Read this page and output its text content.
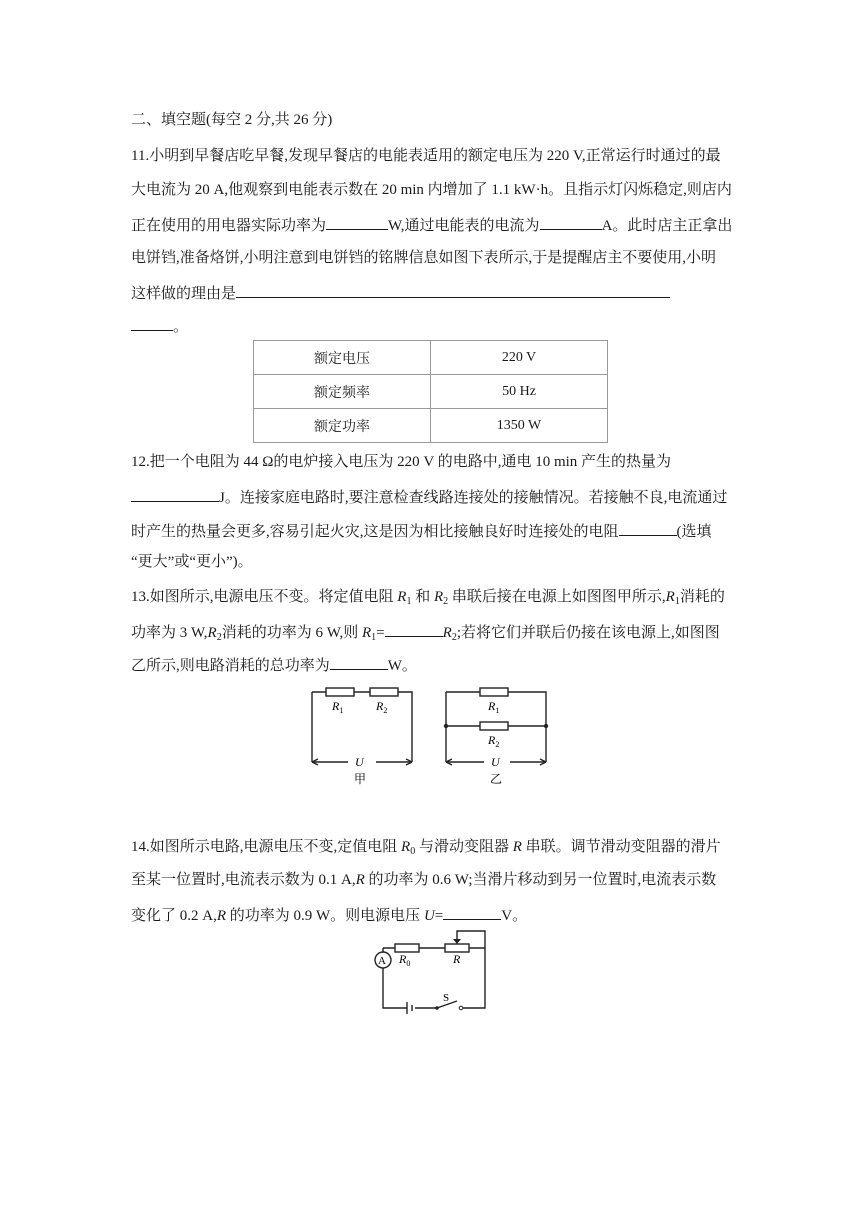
二、填空题(每空 2 分,共 26 分)
11.小明到早餐店吃早餐,发现早餐店的电能表适用的额定电压为 220 V,正常运行时通过的最
大电流为 20 A,他观察到电能表示数在 20 min 内增加了 1.1 kW·h。且指示灯闪烁稳定,则店内
正在使用的用电器实际功率为	W,通过电能表的电流为	A。此时店主正拿出
电饼铛,准备烙饼,小明注意到电饼铛的铭牌信息如图下表所示,于是提醒店主不要使用,小明
这样做的理由是
。
额定电压	220 V
额定频率	50 Hz
额定功率	1350 W
12.把一个电阻为 44 Ω的电炉接入电压为 220 V 的电路中,通电 10 min 产生的热量为
J。连接家庭电路时,要注意检查线路连接处的接触情况。若接触不良,电流通过
时产生的热量会更多,容易引起火灾,这是因为相比接触良好时连接处的电阻	(选填
“更大”或“更小”)。
13.如图所示,电源电压不变。将定值电阻 $R_1$ 和 $R_2$ 串联后接在电源上如图图甲所示$,R_1$消耗的
功率为 3 $W,R_2$消耗的功率为 6 W,则 $R_1=$	$R_2$;若将它们并联后仍接在该电源上,如图图
乙所示,则电路消耗的总功率为	W。
$R_1$	$R_2$
U
甲
$R_1$
$R_2$
U
乙
14.如图所示电路,电源电压不变,定值电阻 $R_0$ 与滑动变阻器 R 串联。调节滑动变阻器的滑片
至某一位置时,电流表示数为 0.1 A,R 的功率为 0.6 W;当滑片移动到另一位置时,电流表示数
变化了 0.2 A,R 的功率为 0.9 W。则电源电压 U=	V。
A $R_0$	R
S
